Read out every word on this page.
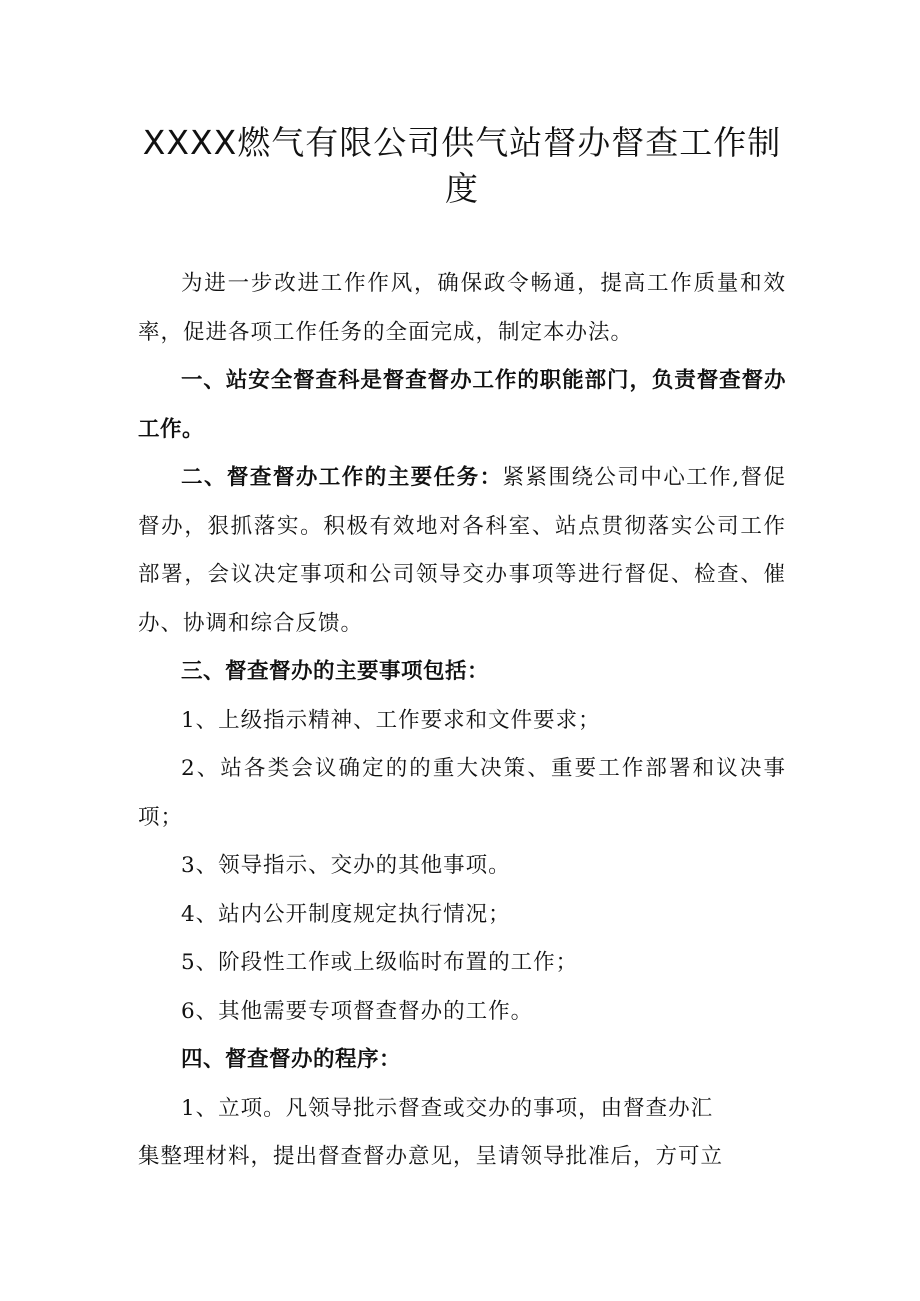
XXXX燃气有限公司供气站督办督查工作制
度

为进一步改进工作作风，确保政令畅通，提高工作质量和效率，促进各项工作任务的全面完成，制定本办法。

一、站安全督查科是督查督办工作的职能部门，负责督查督办工作。

二、督查督办工作的主要任务：紧紧围绕公司中心工作,督促督办，狠抓落实。积极有效地对各科室、站点贯彻落实公司工作部署，会议决定事项和公司领导交办事项等进行督促、检查、催办、协调和综合反馈。

三、督查督办的主要事项包括：

1、上级指示精神、工作要求和文件要求；

2、站各类会议确定的的重大决策、重要工作部署和议决事项；

3、领导指示、交办的其他事项。

4、站内公开制度规定执行情况；

5、阶段性工作或上级临时布置的工作；

6、其他需要专项督查督办的工作。

四、督查督办的程序：

1、立项。凡领导批示督查或交办的事项，由督查办汇
集整理材料，提出督查督办意见，呈请领导批准后，方可立
